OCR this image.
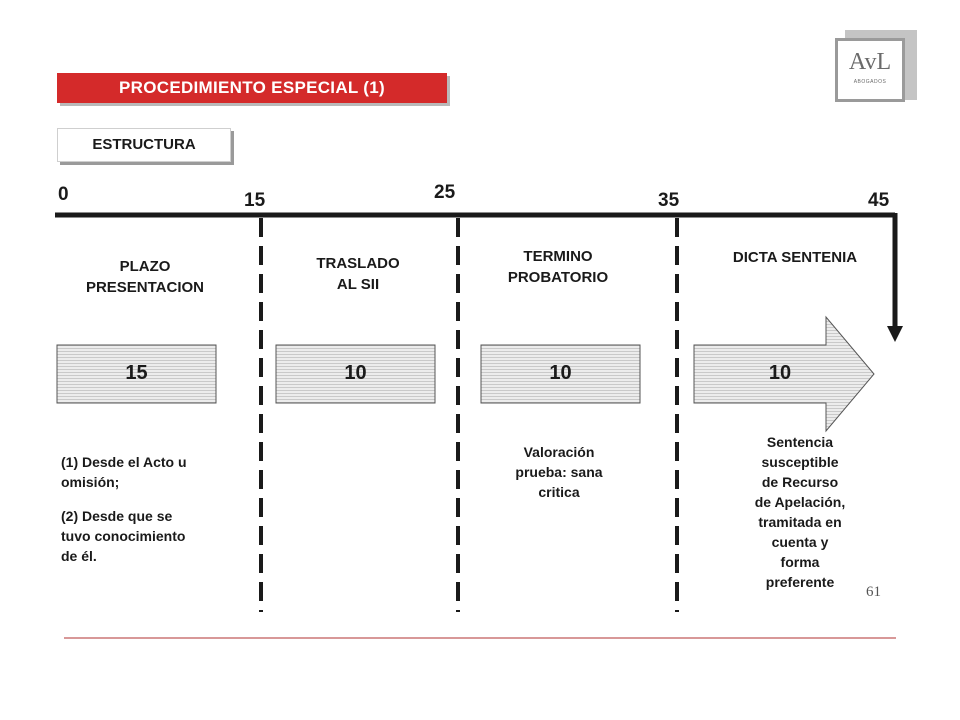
PROCEDIMIENTO ESPECIAL (1)
ESTRUCTURA
AvL
ABOGADOS
0	15	25	35	45
PLAZO
PRESENTACION
TRASLADO
AL SII
TERMINO
PROBATORIO
DICTA SENTENIA
15	10	10	10
(1) Desde el Acto u
omisión;
(2) Desde que se
tuvo conocimiento
de él.
Valoración
prueba: sana
critica
Sentencia
susceptible
de Recurso
de Apelación,
tramitada en
cuenta y
forma
preferente
61
